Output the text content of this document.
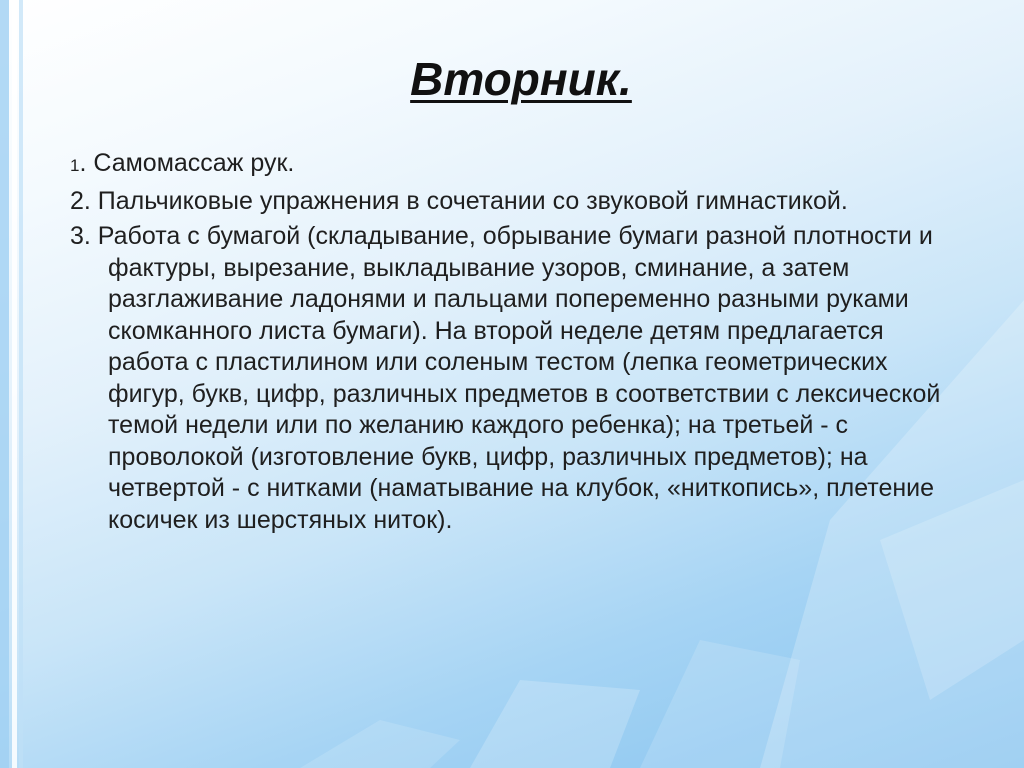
Вторник.
1. Самомассаж рук.
2. Пальчиковые упражнения в сочетании со звуковой гимнастикой.
3. Работа с бумагой (складывание, обрывание бумаги разной плотности и фактуры, вырезание, выкладывание узоров, сминание, а затем разглаживание ладонями и пальцами попеременно разными руками скомканного листа бумаги). На второй неделе детям предлагается работа с пластилином или соленым тестом (лепка геометрических фигур, букв, цифр, различных предметов в соответствии с лексической темой недели или по желанию каждого ребенка); на третьей - с проволокой (изготовление букв, цифр, различных предметов); на четвертой - с нитками (наматывание на клубок, «ниткопись», плетение косичек из шерстяных ниток).
